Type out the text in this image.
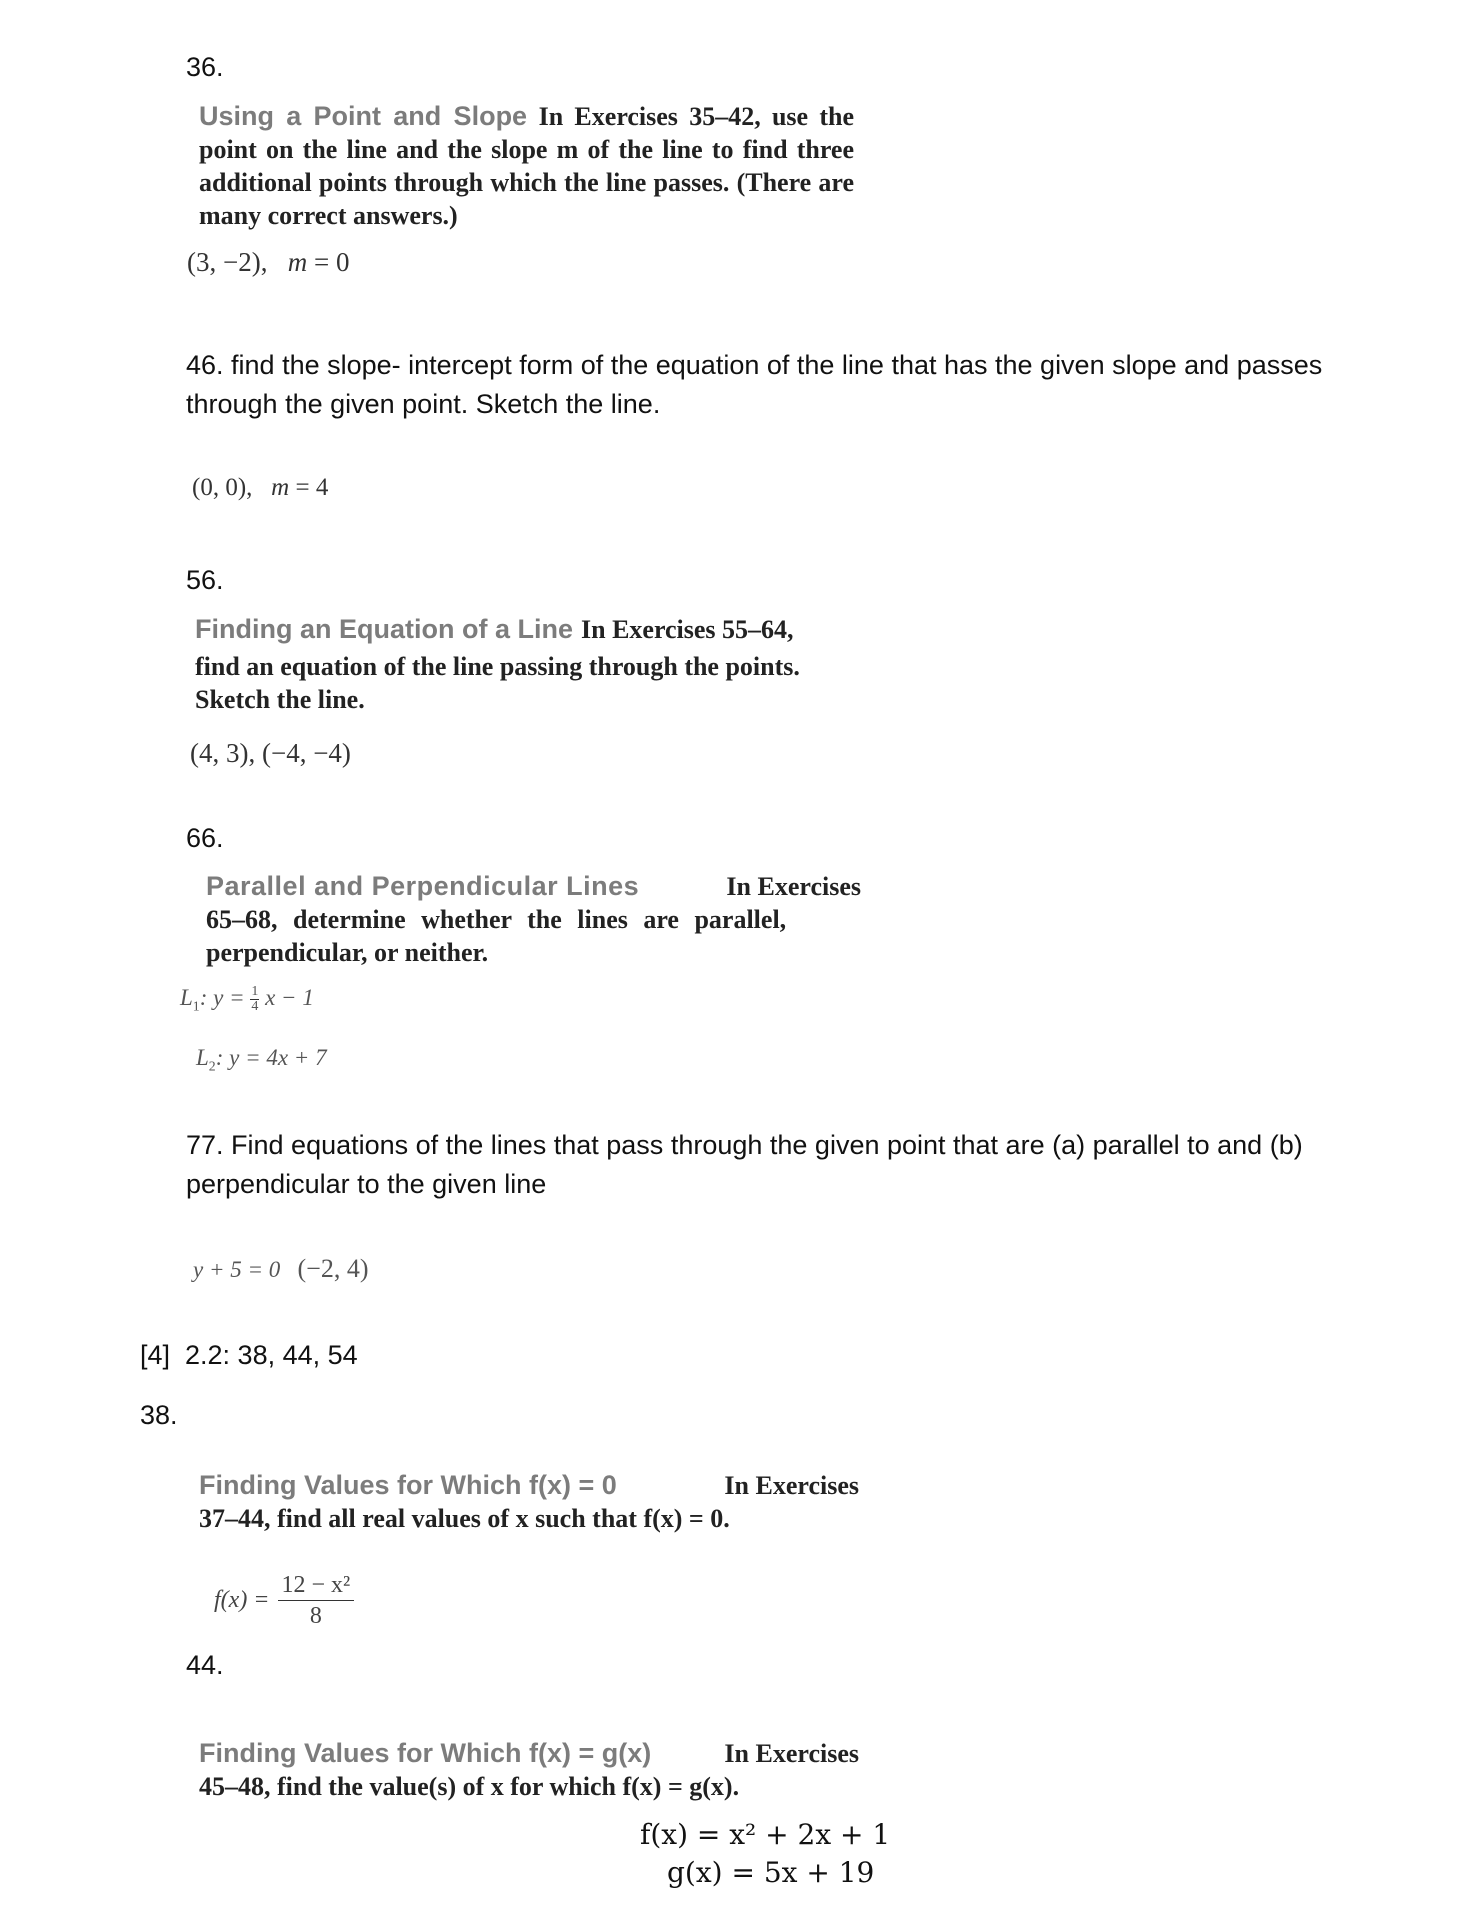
36.
Using a Point and Slope In Exercises 35–42, use the point on the line and the slope m of the line to find three additional points through which the line passes. (There are many correct answers.)
(3, −2), m = 0
46. find the slope- intercept form of the equation of the line that has the given slope and passes
through the given point. Sketch the line.
(0, 0), m = 4
56.
Finding an Equation of a Line In Exercises 55–64,
find an equation of the line passing through the points.
Sketch the line.
(4, 3), (−4, −4)
66.
Parallel and Perpendicular Lines	In Exercises
65–68, determine whether the lines are parallel,
perpendicular, or neither.
$L_1$: $y = \frac{1}{4}$ x − 1
$L_2$: y = 4x + 7
77. Find equations of the lines that pass through the given point that are (a) parallel to and (b)
perpendicular to the given line
y + 5 = 0 (−2, 4)
[4]  2.2: 38, 44, 54
38.
Finding Values for Which f(x) = 0	In Exercises
37–44, find all real values of x such that f(x) = 0.
$f(x) = \frac{\text{12 − x²}}{8}$
44.
Finding Values for Which f(x) = g(x)	In Exercises
45–48, find the value(s) of x for which f(x) = g(x).
f(x) = x² + 2x + 1
g(x) = 5x + 19
